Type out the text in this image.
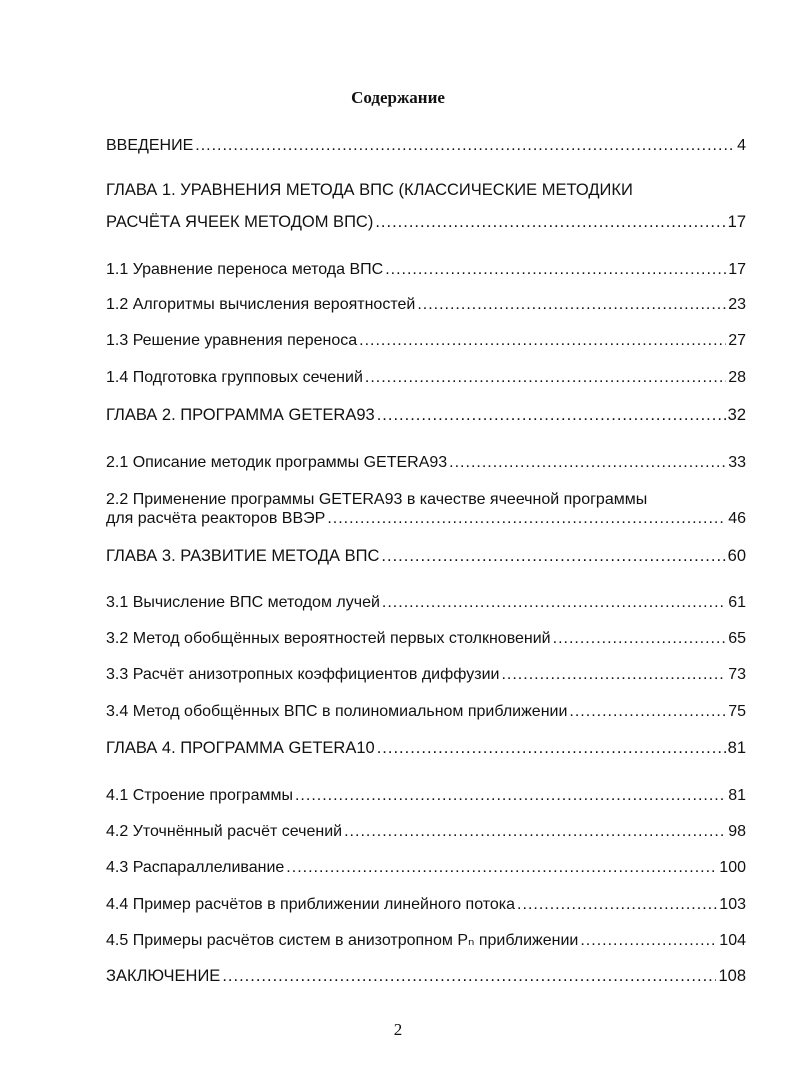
Содержание
ВВЕДЕНИЕ .....	4
ГЛАВА 1. УРАВНЕНИЯ МЕТОДА ВПС (КЛАССИЧЕСКИЕ МЕТОДИКИ
РАСЧЁТА ЯЧЕЕК МЕТОДОМ ВПС) .....	17
1.1 Уравнение переноса метода ВПС .....	17
1.2 Алгоритмы вычисления вероятностей .....	23
1.3 Решение уравнения переноса .....	27
1.4 Подготовка групповых сечений .....	28
ГЛАВА 2. ПРОГРАММА GETERA93 .....	32
2.1 Описание методик программы GETERA93 .....	33
2.2 Применение программы GETERA93 в качестве ячеечной программы
для расчёта реакторов ВВЭР .....	46
ГЛАВА 3. РАЗВИТИЕ МЕТОДА ВПС .....	60
3.1 Вычисление ВПС методом лучей .....	61
3.2 Метод обобщённых вероятностей первых столкновений .....	65
3.3 Расчёт анизотропных коэффициентов диффузии .....	73
3.4 Метод обобщённых ВПС в полиномиальном приближении .....	75
ГЛАВА 4. ПРОГРАММА GETERA10 .....	81
4.1 Строение программы .....	81
4.2 Уточнённый расчёт сечений .....	98
4.3 Распараллеливание .....	100
4.4 Пример расчётов в приближении линейного потока .....	103
4.5 Примеры расчётов систем в анизотропном Pₙ приближении .....	104
ЗАКЛЮЧЕНИЕ .....	108
2
